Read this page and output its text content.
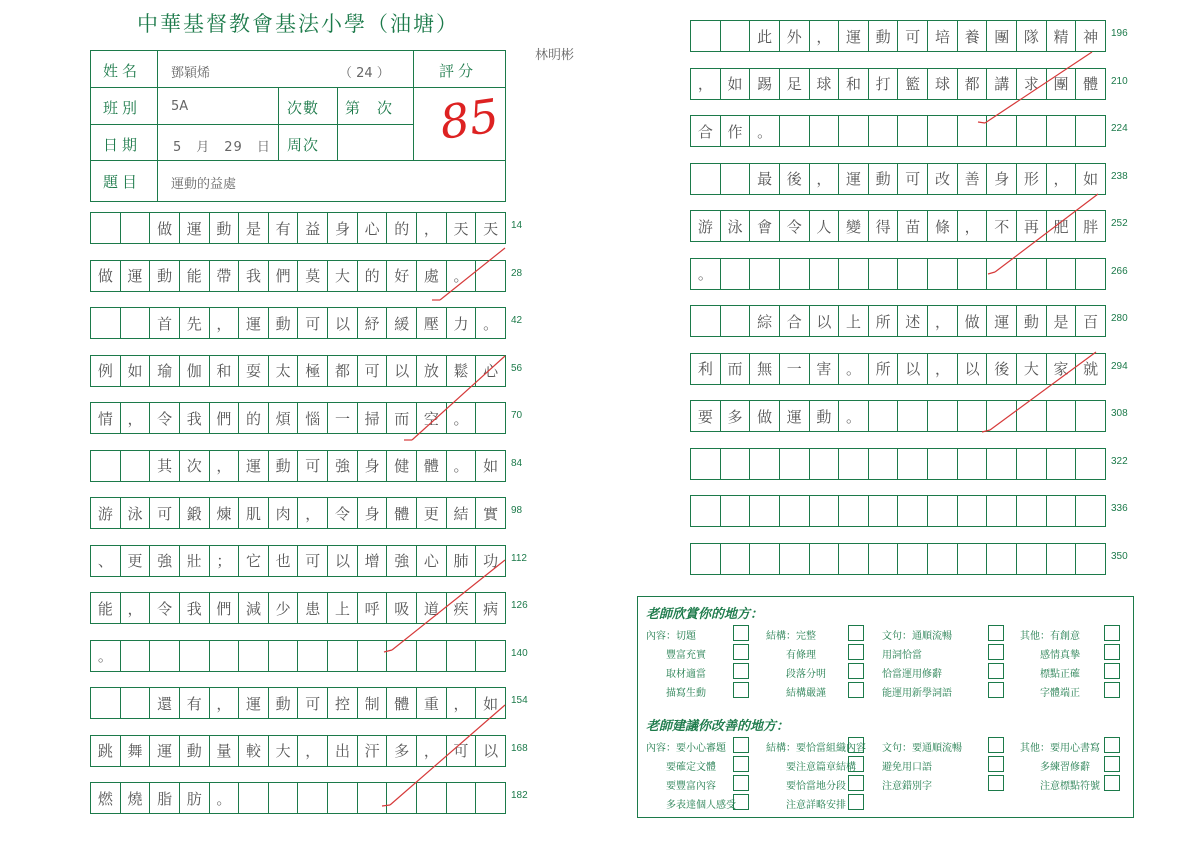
中華基督教會基法小學（油塘）
林明彬
姓名 鄧穎烯	（ 24 ）	評分
班別 5A	次數 第　次
日期 5　月　29　日 周次
題目 運動的益處
85
做 運 動 是 有 益 身 心 的 ， 天 天	14
做 運 動 能 帶 我 們 莫 大 的 好 處 。	28
首 先 ， 運 動 可 以 紓 緩 壓 力 。	42
例 如 瑜 伽 和 耍 太 極 都 可 以 放 鬆 心	56
情 ， 令 我 們 的 煩 惱 一 掃 而 空 。	70
其 次 ， 運 動 可 強 身 健 體 。 如	84
游 泳 可 鍛 煉 肌 肉 ， 令 身 體 更 結 實	98
、 更 強 壯 ； 它 也 可 以 增 強 心 肺 功	112
能 ， 令 我 們 減 少 患 上 呼 吸 道 疾 病	126
。	140
還 有 ， 運 動 可 控 制 體 重 ， 如	154
跳 舞 運 動 量 較 大 ， 出 汗 多 ， 可 以	168
燃 燒 脂 肪 。	182
此 外 ， 運 動 可 培 養 團 隊 精 神	196
， 如 踢 足 球 和 打 籃 球 都 講 求 團 體	210
合 作 。	224
最 後 ， 運 動 可 改 善 身 形 ， 如	238
游 泳 會 令 人 變 得 苗 條 ， 不 再 肥 胖	252
。	266
綜 合 以 上 所 述 ， 做 運 動 是 百	280
利 而 無 一 害 。 所 以 ， 以 後 大 家 就	294
要 多 做 運 動 。	308
322
336
350
老師欣賞你的地方：
內容：切題	結構：完整	文句：通順流暢	其他：有創意
豐富充實	有條理	用詞恰當	感情真摯
取材適當	段落分明	恰當運用修辭	標點正確
描寫生動	結構嚴謹	能運用新學詞語	字體端正
老師建議你改善的地方：
內容：要小心審題	結構：要恰當組織內容 文句：要通順流暢	其他：要用心書寫
要確定文體	要注意篇章結構	避免用口語	多練習修辭
要豐富內容	要恰當地分段	注意錯別字	注意標點符號
多表達個人感受	注意詳略安排
